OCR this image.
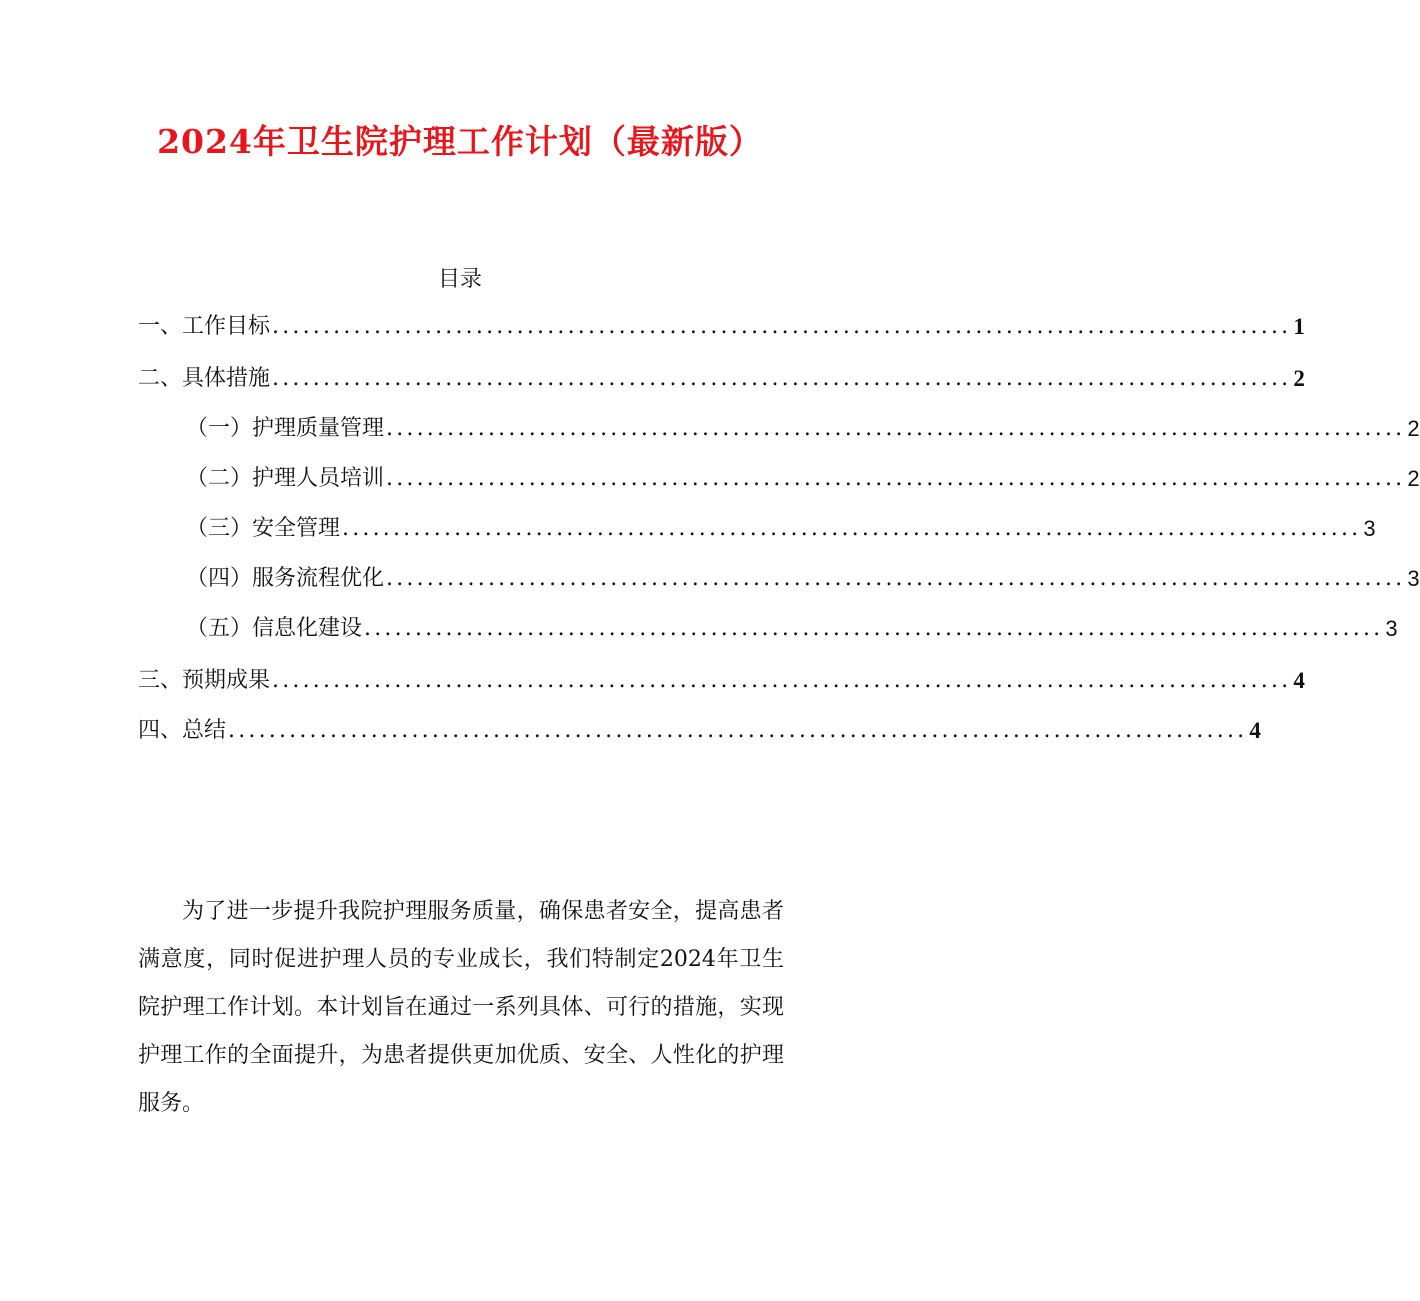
2024年卫生院护理工作计划（最新版）
目录
一、工作目标 .................................................................................................... 1
二、具体措施 .................................................................................................... 2
（一）护理质量管理 .................................................................................................... 2
（二）护理人员培训 .................................................................................................... 2
（三）安全管理 .................................................................................................... 3
（四）服务流程优化 .................................................................................................... 3
（五）信息化建设 .................................................................................................... 3
三、预期成果 .................................................................................................... 4
四、总结 .................................................................................................... 4

为了进一步提升我院护理服务质量，确保患者安全，提高患者满意度，同时促进护理人员的专业成长，我们特制定2024年卫生院护理工作计划。本计划旨在通过一系列具体、可行的措施，实现护理工作的全面提升，为患者提供更加优质、安全、人性化的护理服务。
